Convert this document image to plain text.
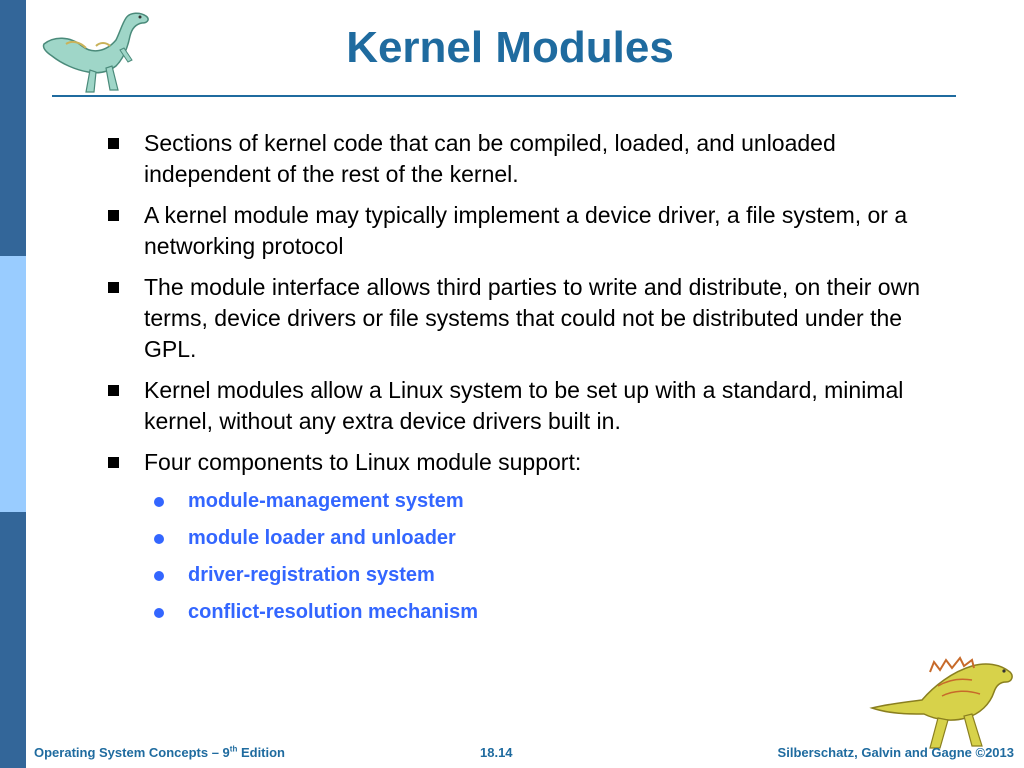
Kernel Modules
Sections of kernel code that can be compiled, loaded, and unloaded independent of the rest of the kernel.
A kernel module may typically implement a device driver, a file system, or a networking protocol
The module interface allows third parties to write and distribute, on their own terms, device drivers or file systems that could not be distributed under the GPL.
Kernel modules allow a Linux system to be set up with a standard, minimal kernel, without any extra device drivers built in.
Four components to Linux module support:
module-management system
module loader and unloader
driver-registration system
conflict-resolution mechanism
Operating System Concepts – 9th Edition	18.14	Silberschatz, Galvin and Gagne ©2013
